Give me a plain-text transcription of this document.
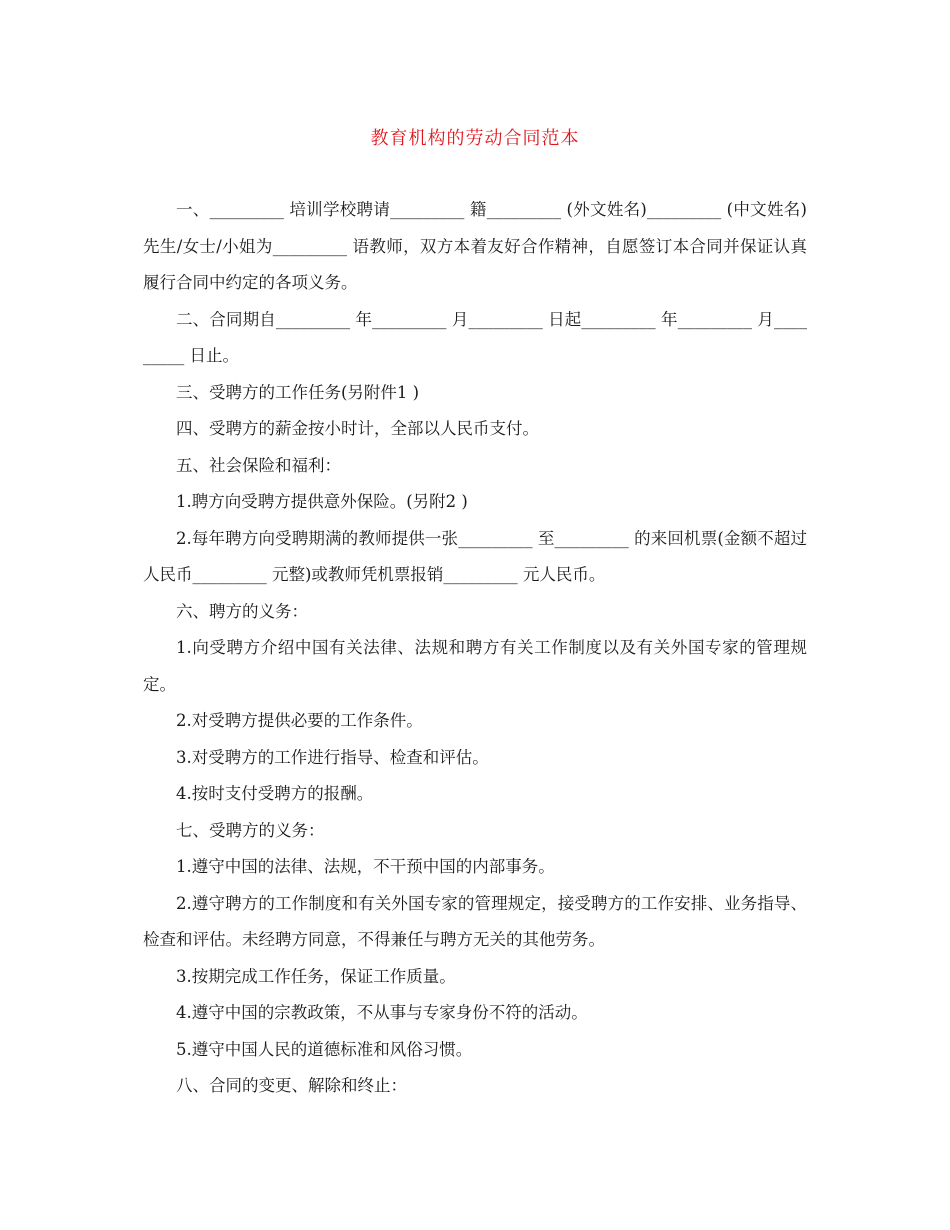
教育机构的劳动合同范本

一、_________ 培训学校聘请_________ 籍_________ (外文姓名)_________ (中文姓名)先生/女士/小姐为_________ 语教师，双方本着友好合作精神，自愿签订本合同并保证认真履行合同中约定的各项义务。

二、合同期自_________ 年_________ 月_________ 日起_________ 年_________ 月_________ 日止。

三、受聘方的工作任务(另附件1 )

四、受聘方的薪金按小时计，全部以人民币支付。

五、社会保险和福利：

1.聘方向受聘方提供意外保险。(另附2 )

2.每年聘方向受聘期满的教师提供一张_________ 至_________ 的来回机票(金额不超过人民币_________ 元整)或教师凭机票报销_________ 元人民币。

六、聘方的义务：

1.向受聘方介绍中国有关法律、法规和聘方有关工作制度以及有关外国专家的管理规定。

2.对受聘方提供必要的工作条件。

3.对受聘方的工作进行指导、检查和评估。

4.按时支付受聘方的报酬。

七、受聘方的义务：

1.遵守中国的法律、法规，不干预中国的内部事务。

2.遵守聘方的工作制度和有关外国专家的管理规定，接受聘方的工作安排、业务指导、检查和评估。未经聘方同意，不得兼任与聘方无关的其他劳务。

3.按期完成工作任务，保证工作质量。

4.遵守中国的宗教政策，不从事与专家身份不符的活动。

5.遵守中国人民的道德标准和风俗习惯。

八、合同的变更、解除和终止：
